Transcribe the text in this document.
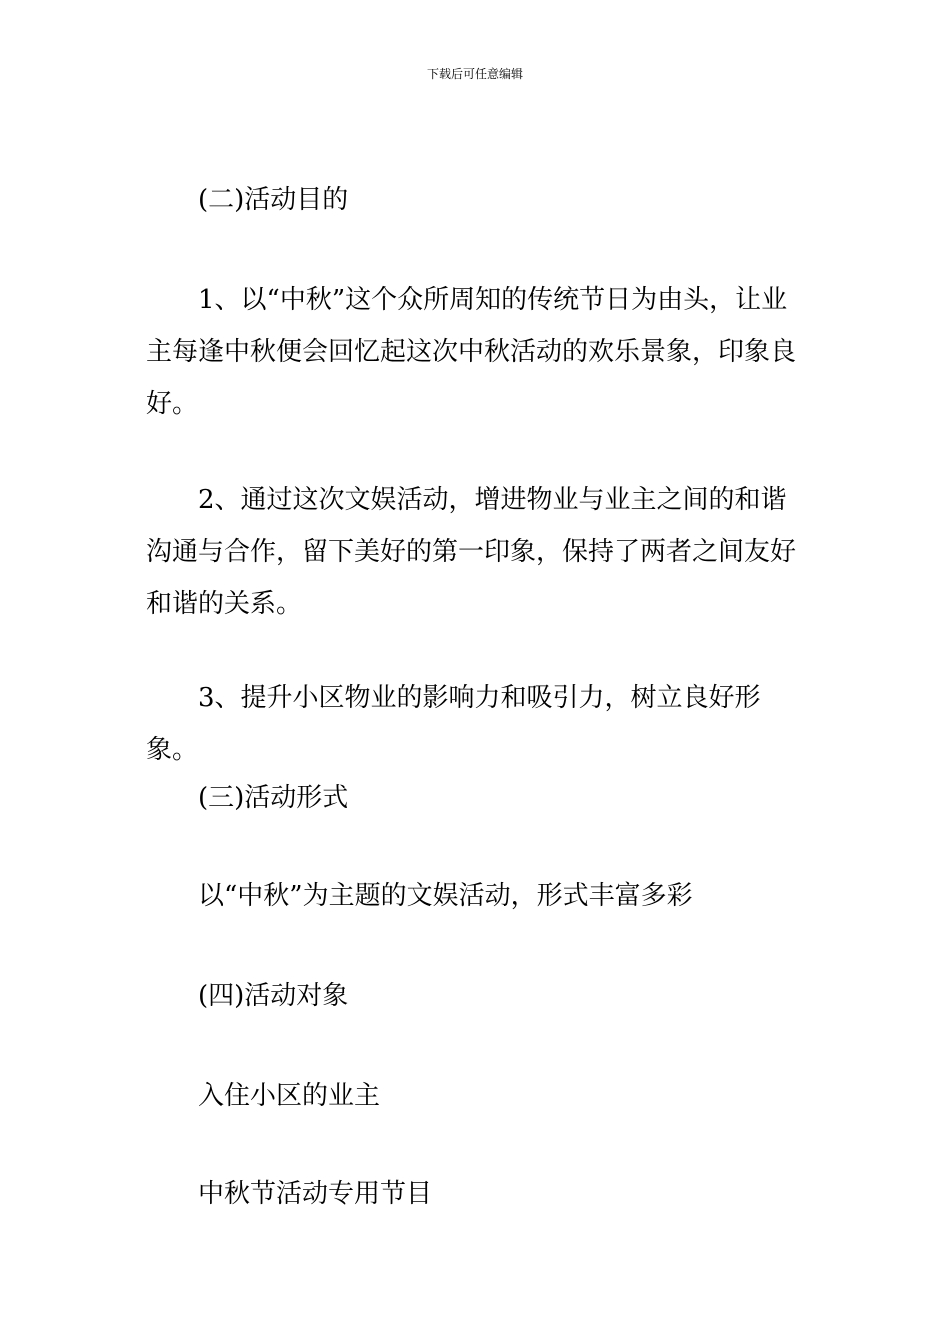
下载后可任意编辑

(二)活动目的

1、以“中秋”这个众所周知的传统节日为由头，让业主每逢中秋便会回忆起这次中秋活动的欢乐景象，印象良好。

2、通过这次文娱活动，增进物业与业主之间的和谐沟通与合作，留下美好的第一印象，保持了两者之间友好和谐的关系。

3、提升小区物业的影响力和吸引力，树立良好形象。

(三)活动形式

以“中秋”为主题的文娱活动，形式丰富多彩

(四)活动对象

入住小区的业主

中秋节活动专用节目
